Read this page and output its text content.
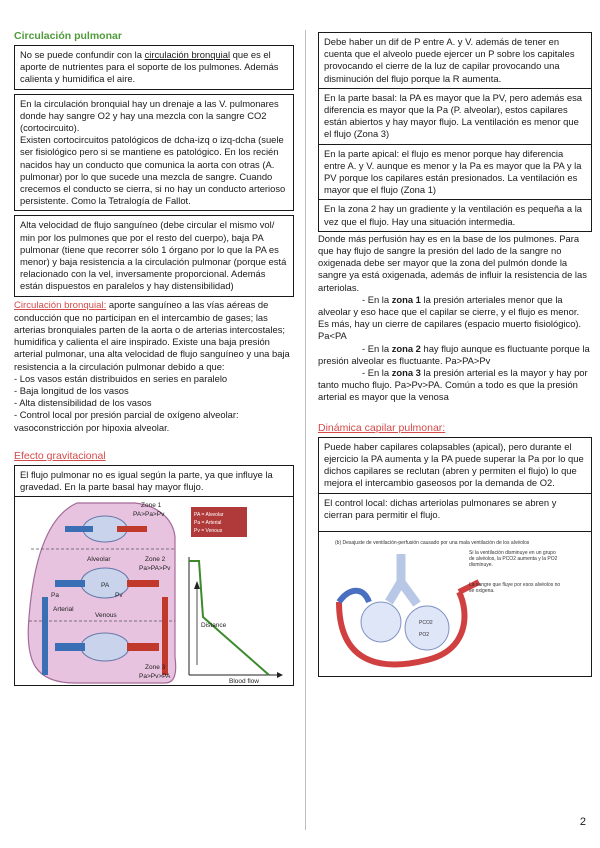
Circulación pulmonar
No se puede confundir con la circulación bronquial que es el aporte de nutrientes para el soporte de los pulmones. Además calienta y humidifica el aire.
En la circulación bronquial hay un drenaje a las V. pulmonares donde hay sangre O2 y hay una mezcla con la sangre CO2 (cortocircuito).
Existen cortocircuitos patológicos de dcha-izq o izq-dcha (suele ser fisiológico pero si se mantiene es patológico. En los recién nacidos hay un conducto que comunica la aorta con otras (A. pulmonar) por lo que sucede una mezcla de sangre. Cuando crecemos el conducto se cierra, si no hay un conducto arterioso persistente. Como la Tetralogía de Fallot.
Alta velocidad de flujo sanguíneo (debe circular el mismo vol/ min por los pulmones que por el resto del cuerpo), baja PA pulmonar (tiene que recorrer sólo 1 órgano por lo que la PA es menor) y baja resistencia a la circulación pulmonar (porque está relacionado con la vel, inversamente proporcional. Además están dispuestos en paralelos y hay distensibilidad)

Circulación bronquial: aporte sanguíneo a las vías aéreas de conducción que no participan en el intercambio de gases; las arterias bronquiales parten de la aorta o de arterias intercostales; humidifica y calienta el aire inspirado. Existe una baja presión arterial pulmonar, una alta velocidad de flujo sanguíneo y una baja resistencia a la circulación pulmonar debido a que:

- Los vasos están distribuidos en series en paralelo
- Baja longitud de los vasos
- Alta distensibilidad de los vasos
- Control local por presión parcial de oxígeno alveolar: vasoconstricción por hipoxia alveolar.
Efecto gravitacional
El flujo pulmonar no es igual según la parte, ya que influye la gravedad. En la parte basal hay mayor flujo.
Zone 1
PA>Pa>Pv
Zone 2
Pa>PA>Pv
Zone 3
Pa>Pv>PA
Alveolar
Pa	Pv
PA
Arterial
Venous
Distance
Blood flow
PA = Alveolar
Pa = Arterial
Pv = Venous
Debe haber un dif de P entre A. y V. además de tener en cuenta que el alveolo puede ejercer un P sobre los capitales provocando el cierre de la luz de capilar provocando una disminución del flujo porque la R aumenta.
En la parte basal: la PA es mayor que la PV, pero además esa diferencia es mayor que la Pa (P. alveolar), estos capilares están abiertos y hay mayor flujo. La ventilación es menor que el flujo (Zona 3)
En la parte apical: el flujo es menor porque hay diferencia entre A. y V. aunque es menor y la Pa es mayor que la PA y la PV porque los capilares están presionados. La ventilación es mayor que el flujo (Zona 1)
En la zona 2 hay un gradiente y la ventilación es pequeña a la vez que el flujo. Hay una situación intermedia.

Donde más perfusión hay es en la base de los pulmones. Para que hay flujo de sangre la presión del lado de la sangre no oxigenada debe ser mayor que la zona del pulmón donde la sangre ya está oxigenada, además de influir la resistencia de las arteriolas.

- En la zona 1 la presión arteriales menor que la alveolar y eso hace que el capilar se cierre, y el flujo es menor. Es más, hay un cierre de capilares (espacio muerto fisiológico). Pa<PA

- En la zona 2 hay flujo aunque es fluctuante porque la presión alveolar es fluctuante. Pa>PA>Pv

- En la zona 3 la presión arterial es la mayor y hay por tanto mucho flujo. Pa>Pv>PA. Común a todo es que la presión arterial es mayor que la venosa

Dinámica capilar pulmonar:
Puede haber capilares colapsables (apical), pero durante el ejercicio la PA aumenta y la PA puede superar la Pa por lo que dichos capilares se reclutan (abren y permiten el flujo) lo que mejora el intercambio gaseosos por la demanda de O2.
El control local: dichas arteriolas pulmonares se abren y cierran para permitir el flujo.
(b) Desajuste de ventilación-perfusión causado por una mala ventilación de los alvéolos
PCO2
PO2
Si la ventilación disminuye en un grupo de alvéolos, la PCO2 aumenta y la PO2 disminuye.
La sangre que fluye por esos alvéolos no se oxigena.
2
